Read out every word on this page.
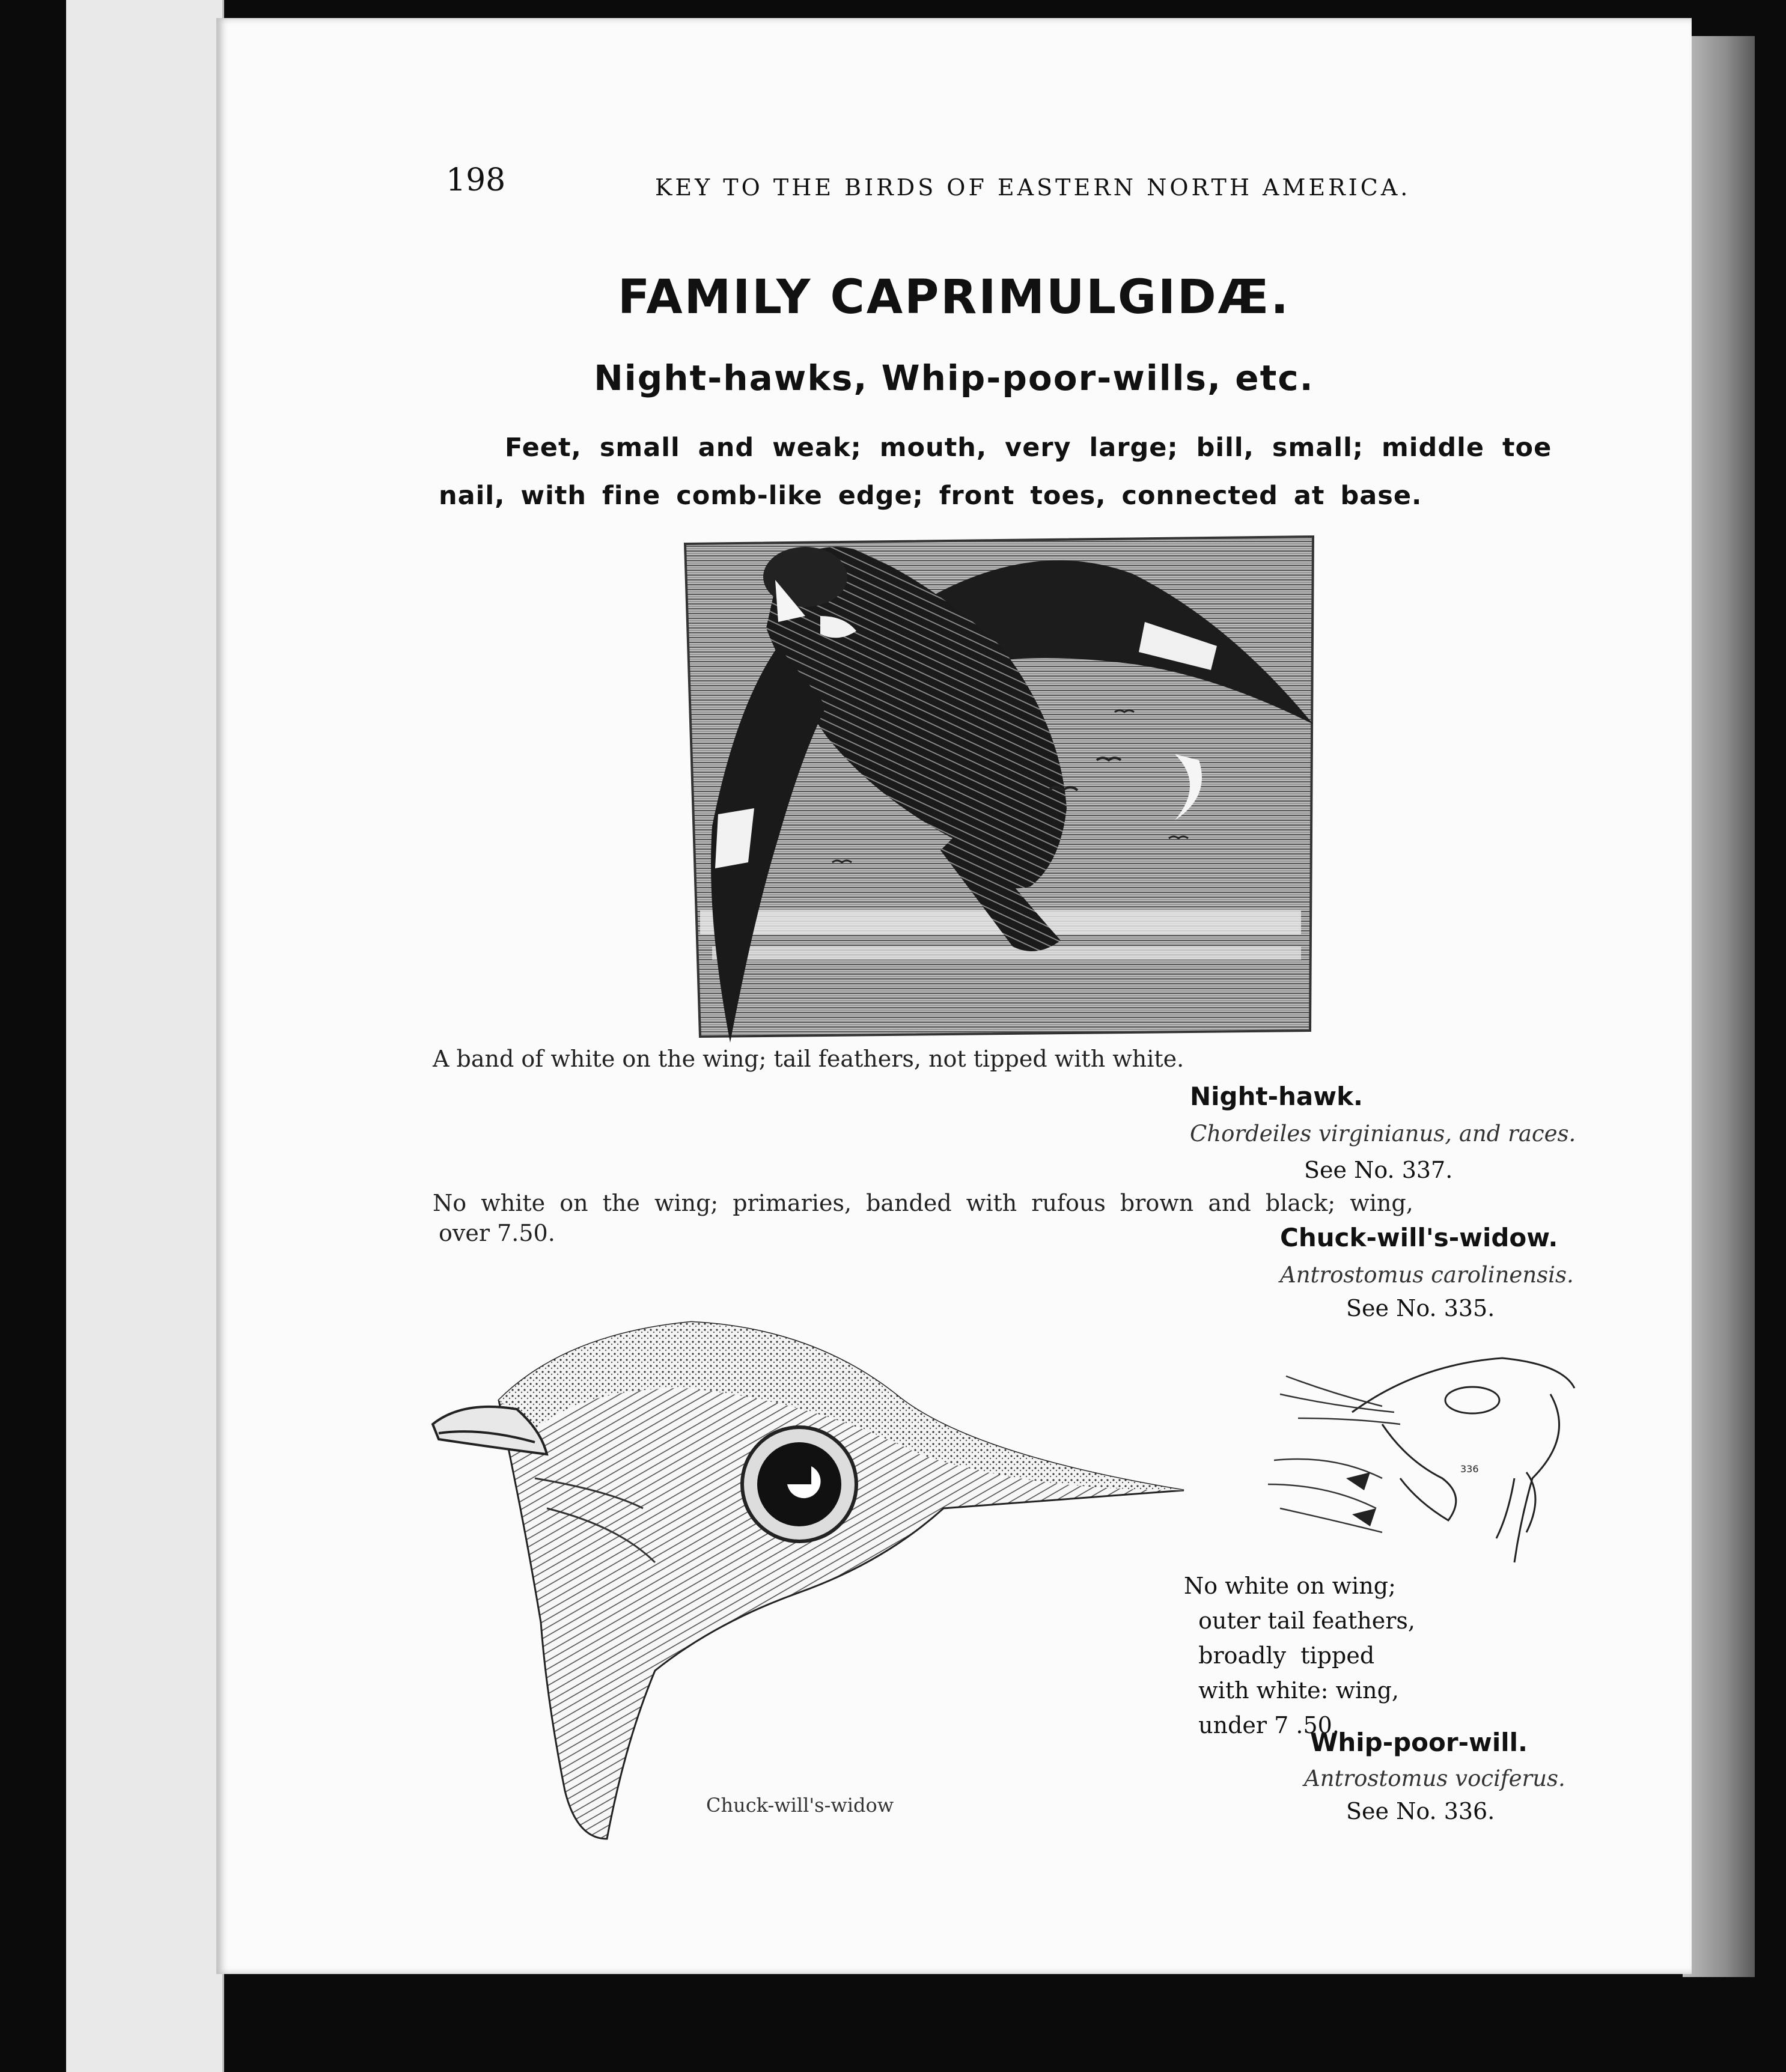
198	KEY TO THE BIRDS OF EASTERN NORTH AMERICA.
FAMILY CAPRIMULGIDÆ.
Night-hawks, Whip-poor-wills, etc.
Feet, small and weak; mouth, very large; bill, small; middle toe
nail, with fine comb-like edge; front toes, connected at base.
A band of white on the wing; tail feathers, not tipped with white.
Night-hawk.
Chordeiles virginianus, and races.
See No. 337.
No white on the wing; primaries, banded with rufous brown and black; wing,
over 7.50.	Chuck-will's-widow.
Antrostomus carolinensis.
See No. 335.
Chuck-will's-widow
336
No white on wing;
outer tail feathers,
broadly  tipped
with white: wing,
under 7 .50.
Whip-poor-will.
Antrostomus vociferus.
See No. 336.
